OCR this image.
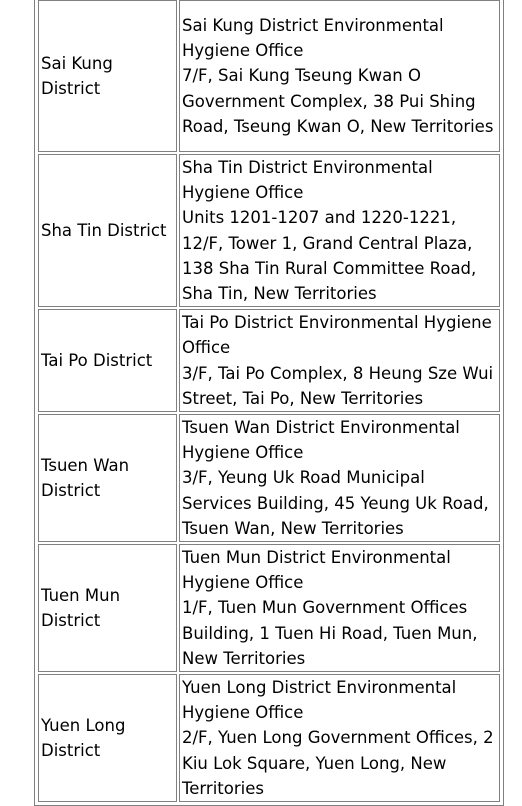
Sai Kung District	Sai Kung District Environmental Hygiene Office
7/F, Sai Kung Tseung Kwan O Government Complex, 38 Pui Shing Road, Tseung Kwan O, New Territories

Sha Tin District	Sha Tin District Environmental Hygiene Office
Units 1201-1207 and 1220-1221, 12/F, Tower 1, Grand Central Plaza, 138 Sha Tin Rural Committee Road, Sha Tin, New Territories

Tai Po District	Tai Po District Environmental Hygiene Office
3/F, Tai Po Complex, 8 Heung Sze Wui Street, Tai Po, New Territories

Tsuen Wan District	Tsuen Wan District Environmental Hygiene Office
3/F, Yeung Uk Road Municipal Services Building, 45 Yeung Uk Road, Tsuen Wan, New Territories

Tuen Mun District	Tuen Mun District Environmental Hygiene Office
1/F, Tuen Mun Government Offices Building, 1 Tuen Hi Road, Tuen Mun, New Territories

Yuen Long District	Yuen Long District Environmental Hygiene Office
2/F, Yuen Long Government Offices, 2 Kiu Lok Square, Yuen Long, New Territories
